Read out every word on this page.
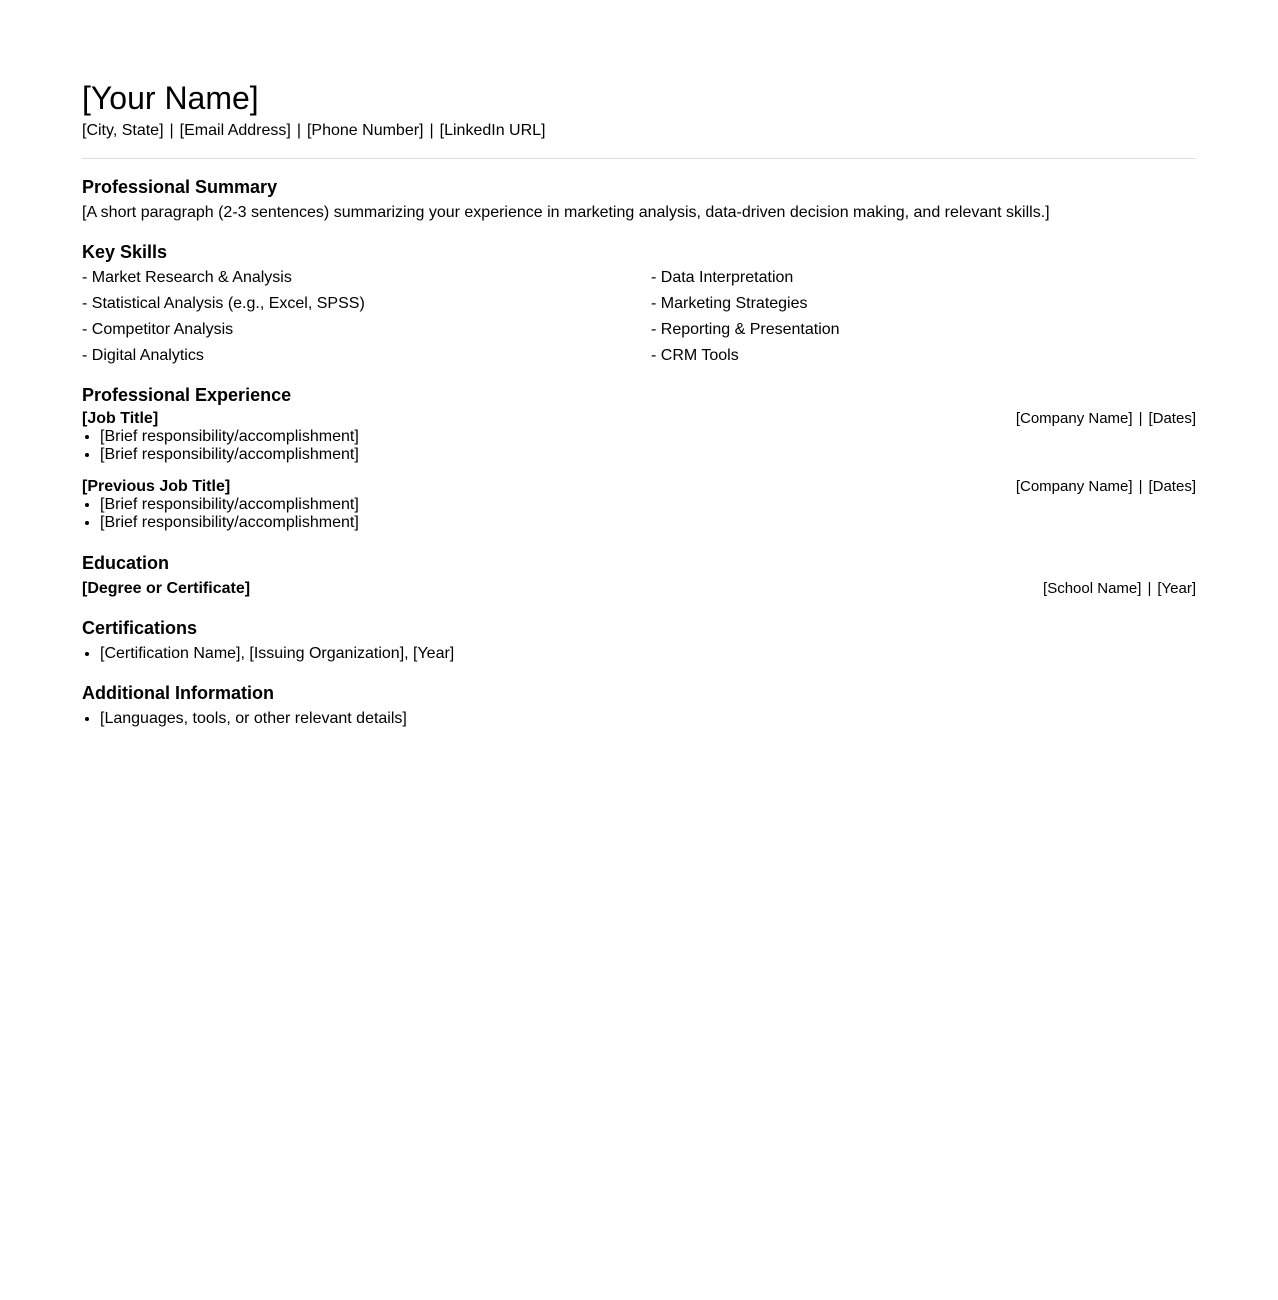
[Your Name]
[City, State] | [Email Address] | [Phone Number] | [LinkedIn URL]
Professional Summary
[A short paragraph (2-3 sentences) summarizing your experience in marketing analysis, data-driven decision making, and relevant skills.]
Key Skills
- Market Research & Analysis	- Data Interpretation
- Statistical Analysis (e.g., Excel, SPSS)	- Marketing Strategies
- Competitor Analysis	- Reporting & Presentation
- Digital Analytics	- CRM Tools
Professional Experience
[Job Title]	[Company Name] | [Dates]
• [Brief responsibility/accomplishment]
• [Brief responsibility/accomplishment]
[Previous Job Title]	[Company Name] | [Dates]
• [Brief responsibility/accomplishment]
• [Brief responsibility/accomplishment]
Education
[Degree or Certificate]	[School Name] | [Year]
Certifications
• [Certification Name], [Issuing Organization], [Year]
Additional Information
• [Languages, tools, or other relevant details]
